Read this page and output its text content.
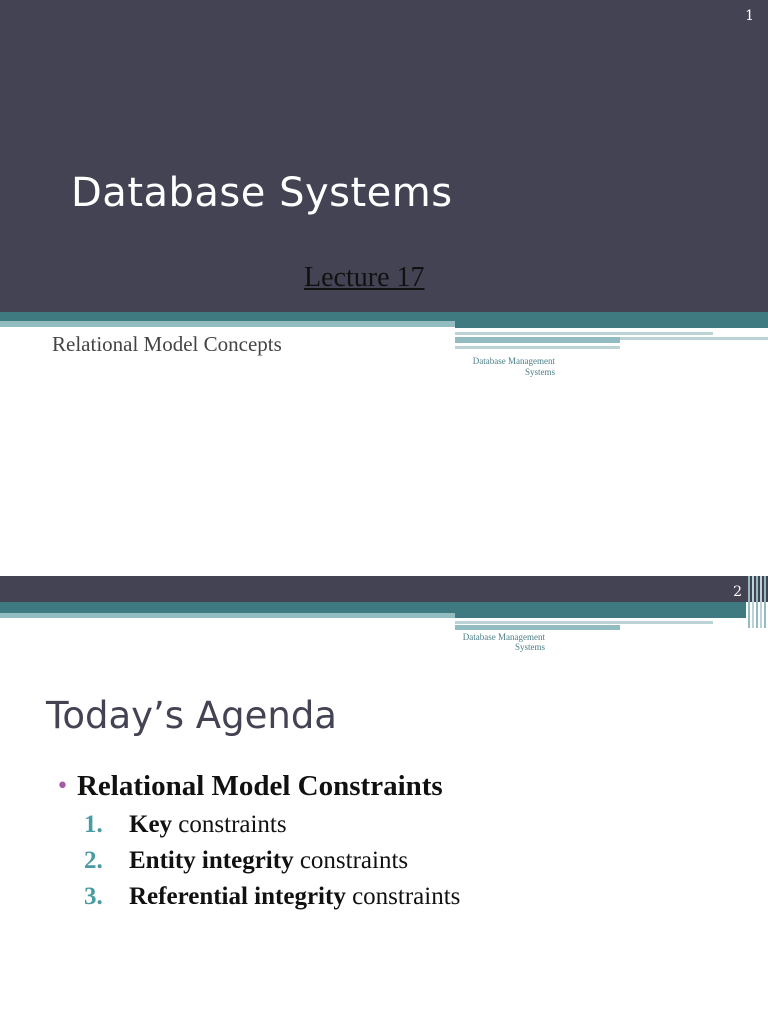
1
Database Systems
Lecture 17
Relational Model Concepts
Database Management
Systems
2
Database Management
Systems
Today’s Agenda
• Relational Model Constraints
1. Key constraints
2. Entity integrity constraints
3. Referential integrity constraints
